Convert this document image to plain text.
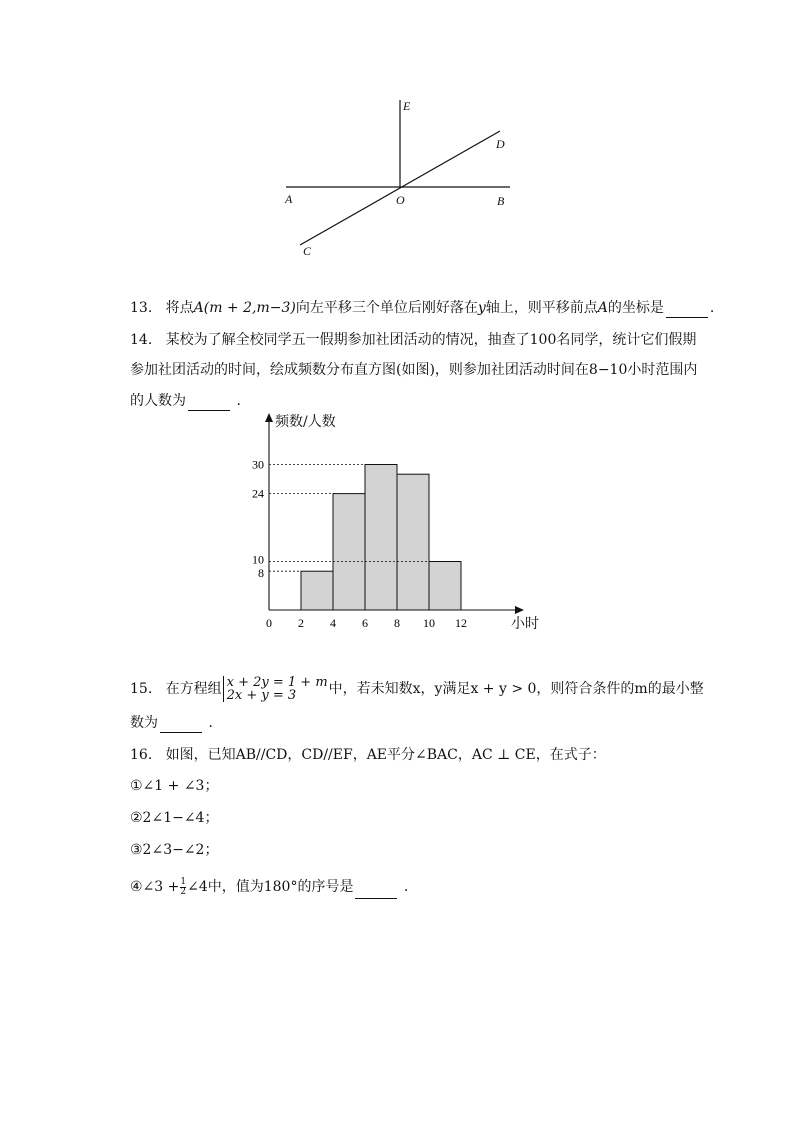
E
D
A	O	B
C
13. 将点A(m + 2,m−3)向左平移三个单位后刚好落在y轴上，则平移前点A的坐标是	.
14. 某校为了解全校同学五一假期参加社团活动的情况，抽查了100名同学，统计它们假期
参加社团活动的时间，绘成频数分布直方图(如图)，则参加社团活动时间在8−10小时范围内
的人数为	.
0 2 4 6 8 10 12
8
10
24
30
频数/人数
小时
15. 在方程组 x + 2y = 1 + m
2x + y = 3	中，若未知数x，y满足x + y > 0，则符合条件的m的最小整
数为	.
16. 如图，已知AB//CD，CD//EF，AE平分∠BAC，AC ⊥ CE，在式子：
①∠1 + ∠3；
②2∠1−∠4；
③2∠3−∠2；
④∠3 + $\frac{1}{2}$ ∠4中，值为180°的序号是	.
